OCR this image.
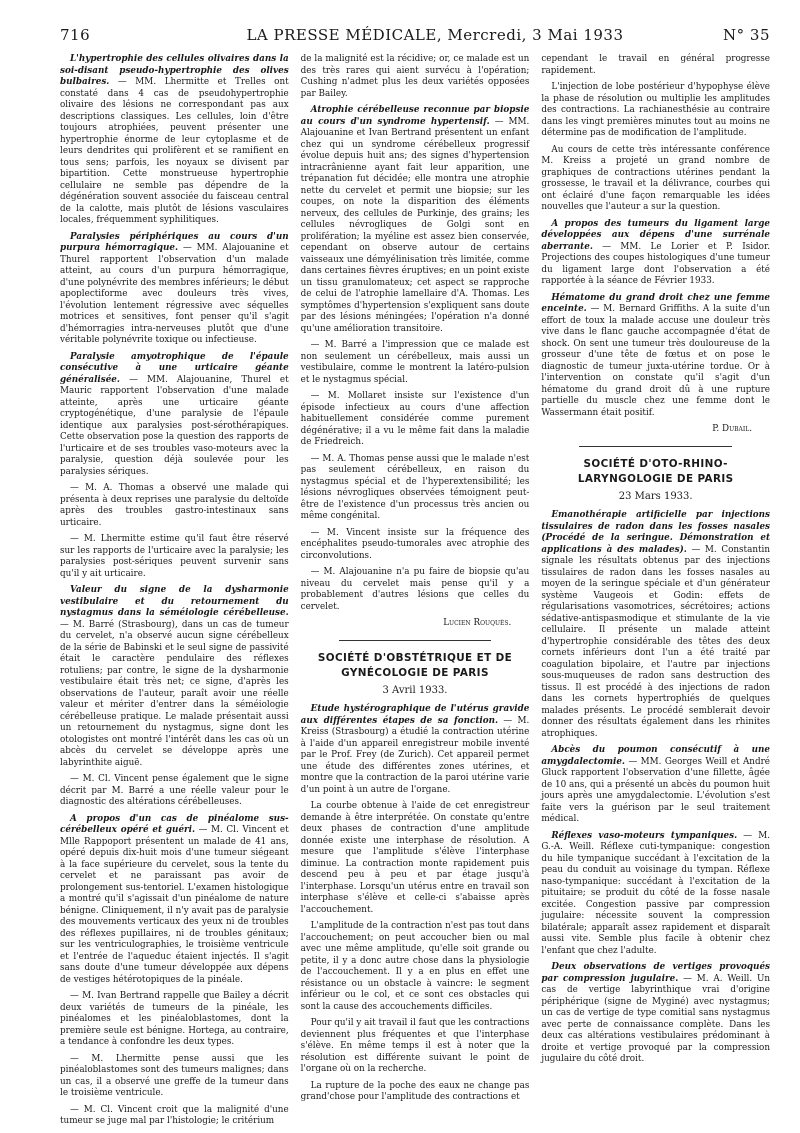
716	LA PRESSE MÉDICALE, Mercredi, 3 Mai 1933	N° 35

L'hypertrophie des cellules olivaires dans la soi-disant pseudo-hypertrophie des olives bulbaires. — MM. Lhermitte et Trelles ont constaté dans 4 cas de pseudohypertrophie olivaire des lésions ne correspondant pas aux descriptions classiques. Les cellules, loin d'être toujours atrophiées, peuvent présenter une hypertrophie énorme de leur cytoplasme et de leurs dendrites qui prolifèrent et se ramifient en tous sens; parfois, les noyaux se divisent par bipartition. Cette monstrueuse hypertrophie cellulaire ne semble pas dépendre de la dégénération souvent associée du faisceau central de la calotte, mais plutôt de lésions vasculaires locales, fréquemment syphilitiques.

Paralysies périphériques au cours d'un purpura hémorragique. — MM. Alajouanine et Thurel rapportent l'observation d'un malade atteint, au cours d'un purpura hémorragique, d'une polynévrite des membres inférieurs; le début apoplectiforme avec douleurs très vives, l'évolution lentement régressive avec séquelles motrices et sensitives, font penser qu'il s'agit d'hémorragies intra-nerveuses plutôt que d'une véritable polynévrite toxique ou infectieuse.

Paralysie amyotrophique de l'épaule consécutive à une urticaire géante généralisée. — MM. Alajouanine, Thurel et Mauric rapportent l'observation d'une malade atteinte, après une urticaire géante cryptogénétique, d'une paralysie de l'épaule identique aux paralysies post-sérothérapiques. Cette observation pose la question des rapports de l'urticaire et de ses troubles vaso-moteurs avec la paralysie, question déjà soulevée pour les paralysies sériques.

— M. A. Thomas a observé une malade qui présenta à deux reprises une paralysie du deltoïde après des troubles gastro-intestinaux sans urticaire.

— M. Lhermitte estime qu'il faut être réservé sur les rapports de l'urticaire avec la paralysie; les paralysies post-sériques peuvent survenir sans qu'il y ait urticaire.

Valeur du signe de la dysharmonie vestibulaire et du retournement du nystagmus dans la séméiologie cérébelleuse. — M. Barré (Strasbourg), dans un cas de tumeur du cervelet, n'a observé aucun signe cérébelleux de la série de Babinski et le seul signe de passivité était le caractère pendulaire des réflexes rotuliens; par contre, le signe de la dysharmonie vestibulaire était très net; ce signe, d'après les observations de l'auteur, paraît avoir une réelle valeur et mériter d'entrer dans la séméiologie cérébelleuse pratique. Le malade présentait aussi un retournement du nystagmus, signe dont les otologistes ont montré l'intérêt dans les cas où un abcès du cervelet se développe après une labyrinthite aiguë.

— M. Cl. Vincent pense également que le signe décrit par M. Barré a une réelle valeur pour le diagnostic des altérations cérébelleuses.

A propos d'un cas de pinéalome sus-cérébelleux opéré et guéri. — M. Cl. Vincent et Mlle Rappoport présentent un malade de 41 ans, opéré depuis dix-huit mois d'une tumeur siégeant à la face supérieure du cervelet, sous la tente du cervelet et ne paraissant pas avoir de prolongement sus-tentoriel. L'examen histologique a montré qu'il s'agissait d'un pinéalome de nature bénigne. Cliniquement, il n'y avait pas de paralysie des mouvements verticaux des yeux ni de troubles des réflexes pupillaires, ni de troubles génitaux; sur les ventriculographies, le troisième ventricule et l'entrée de l'aqueduc étaient injectés. Il s'agit sans doute d'une tumeur développée aux dépens de vestiges hétérotopiques de la pinéale.

— M. Ivan Bertrand rappelle que Bailey a décrit deux variétés de tumeurs de la pinéale, les pinéalomes et les pinéaloblastomes, dont la première seule est bénigne. Hortega, au contraire, a tendance à confondre les deux types.

— M. Lhermitte pense aussi que les pinéaloblastomes sont des tumeurs malignes; dans un cas, il a observé une greffe de la tumeur dans le troisième ventricule.

— M. Cl. Vincent croit que la malignité d'une tumeur se juge mal par l'histologie; le critérium

de la malignité est la récidive; or, ce malade est un des très rares qui aient survécu à l'opération; Cushing n'admet plus les deux variétés opposées par Bailey.

Atrophie cérébelleuse reconnue par biopsie au cours d'un syndrome hypertensif. — MM. Alajouanine et Ivan Bertrand présentent un enfant chez qui un syndrome cérébelleux progressif évolue depuis huit ans; des signes d'hypertension intracrânienne ayant fait leur apparition, une trépanation fut décidée; elle montra une atrophie nette du cervelet et permit une biopsie; sur les coupes, on note la disparition des éléments nerveux, des cellules de Purkinje, des grains; les cellules névrogliques de Golgi sont en prolifération; la myéline est assez bien conservée, cependant on observe autour de certains vaisseaux une démyélinisation très limitée, comme dans certaines fièvres éruptives; en un point existe un tissu granulomateux; cet aspect se rapproche de celui de l'atrophie lamellaire d'A. Thomas. Les symptômes d'hypertension s'expliquent sans doute par des lésions méningées; l'opération n'a donné qu'une amélioration transitoire.

— M. Barré a l'impression que ce malade est non seulement un cérébelleux, mais aussi un vestibulaire, comme le montrent la latéro-pulsion et le nystagmus spécial.

— M. Mollaret insiste sur l'existence d'un épisode infectieux au cours d'une affection habituellement considérée comme purement dégénérative; il a vu le même fait dans la maladie de Friedreich.

— M. A. Thomas pense aussi que le malade n'est pas seulement cérébelleux, en raison du nystagmus spécial et de l'hyperextensibilité; les lésions névrogliques observées témoignent peut-être de l'existence d'un processus très ancien ou même congénital.

— M. Vincent insiste sur la fréquence des encéphalites pseudo-tumorales avec atrophie des circonvolutions.

— M. Alajouanine n'a pu faire de biopsie qu'au niveau du cervelet mais pense qu'il y a probablement d'autres lésions que celles du cervelet.

Lucien Rouquès.
SOCIÉTÉ D'OBSTÉTRIQUE ET DE GYNÉCOLOGIE DE PARIS
3 Avril 1933.

Etude hystérographique de l'utérus gravide aux différentes étapes de sa fonction. — M. Kreiss (Strasbourg) a étudié la contraction utérine à l'aide d'un appareil enregistreur mobile inventé par le Prof. Frey (de Zurich). Cet appareil permet une étude des différentes zones utérines, et montre que la contraction de la paroi utérine varie d'un point à un autre de l'organe.

La courbe obtenue à l'aide de cet enregistreur demande à être interprétée. On constate qu'entre deux phases de contraction d'une amplitude donnée existe une interphase de résolution. A mesure que l'amplitude s'élève l'interphase diminue. La contraction monte rapidement puis descend peu à peu et par étage jusqu'à l'interphase. Lorsqu'un utérus entre en travail son interphase s'élève et celle-ci s'abaisse après l'accouchement.

L'amplitude de la contraction n'est pas tout dans l'accouchement; on peut accoucher bien ou mal avec une même amplitude, qu'elle soit grande ou petite, il y a donc autre chose dans la physiologie de l'accouchement. Il y a en plus en effet une résistance ou un obstacle à vaincre: le segment inférieur ou le col, et ce sont ces obstacles qui sont la cause des accouchements difficiles.

Pour qu'il y ait travail il faut que les contractions deviennent plus fréquentes et que l'interphase s'élève. En même temps il est à noter que la résolution est différente suivant le point de l'organe où on la recherche.

La rupture de la poche des eaux ne change pas grand'chose pour l'amplitude des contractions et

cependant le travail en général progresse rapidement.

L'injection de lobe postérieur d'hypophyse élève la phase de résolution ou multiplie les amplitudes des contractions. La rachianesthésie au contraire dans les vingt premières minutes tout au moins ne détermine pas de modification de l'amplitude.

Au cours de cette très intéressante conférence M. Kreiss a projeté un grand nombre de graphiques de contractions utérines pendant la grossesse, le travail et la délivrance, courbes qui ont éclairé d'une façon remarquable les idées nouvelles que l'auteur a sur la question.

A propos des tumeurs du ligament large développées aux dépens d'une surrénale aberrante. — MM. Le Lorier et P. Isidor. Projections des coupes histologiques d'une tumeur du ligament large dont l'observation a été rapportée à la séance de Février 1933.

Hématome du grand droit chez une femme enceinte. — M. Bernard Griffiths. A la suite d'un effort de toux la malade accuse une douleur très vive dans le flanc gauche accompagnée d'état de shock. On sent une tumeur très douloureuse de la grosseur d'une tête de fœtus et on pose le diagnostic de tumeur juxta-utérine tordue. Or à l'intervention on constate qu'il s'agit d'un hématome du grand droit dû à une rupture partielle du muscle chez une femme dont le Wassermann était positif.

P. Dubail.
SOCIÉTÉ D'OTO-RHINO-LARYNGOLOGIE DE PARIS
23 Mars 1933.

Emanothérapie artificielle par injections tissulaires de radon dans les fosses nasales (Procédé de la seringue. Démonstration et applications à des malades). — M. Constantin signale les résultats obtenus par des injections tissulaires de radon dans les fosses nasales au moyen de la seringue spéciale et d'un générateur système Vaugeois et Godin: effets de régularisations vasomotrices, sécrétoires; actions sédative-antispasmodique et stimulante de la vie cellulaire. Il présente un malade atteint d'hypertrophie considérable des têtes des deux cornets inférieurs dont l'un a été traité par coagulation bipolaire, et l'autre par injections sous-muqueuses de radon sans destruction des tissus. Il est procédé à des injections de radon dans les cornets hypertrophiés de quelques malades présents. Le procédé semblerait devoir donner des résultats également dans les rhinites atrophiques.

Abcès du poumon consécutif à une amygdalectomie. — MM. Georges Weill et André Gluck rapportent l'observation d'une fillette, âgée de 10 ans, qui a présenté un abcès du poumon huit jours après une amygdalectomie. L'évolution s'est faite vers la guérison par le seul traitement médical.

Réflexes vaso-moteurs tympaniques. — M. G.-A. Weill. Réflexe cuti-tympanique: congestion du hile tympanique succédant à l'excitation de la peau du conduit au voisinage du tympan. Réflexe naso-tympanique: succédant à l'excitation de la pituitaire; se produit du côté de la fosse nasale excitée. Congestion passive par compression jugulaire: nécessite souvent la compression bilatérale; apparaît assez rapidement et disparaît aussi vite. Semble plus facile à obtenir chez l'enfant que chez l'adulte.

Deux observations de vertiges provoqués par compression jugulaire. — M. A. Weill. Un cas de vertige labyrinthique vrai d'origine périphérique (signe de Myginé) avec nystagmus; un cas de vertige de type comitial sans nystagmus avec perte de connaissance complète. Dans les deux cas altérations vestibulaires prédominant à droite et vertige provoqué par la compression jugulaire du côté droit.
